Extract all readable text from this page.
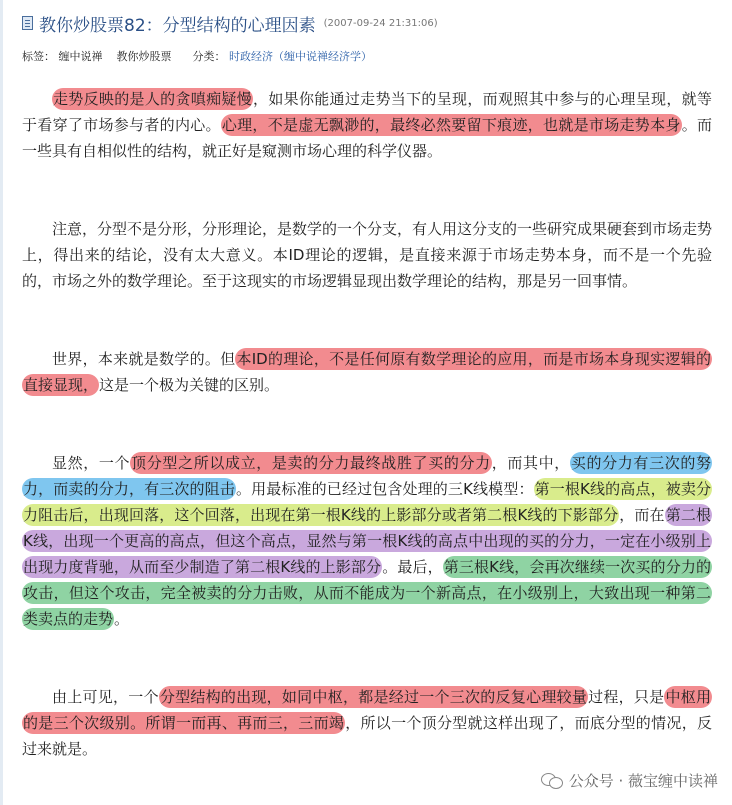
教你炒股票82：分型结构的心理因素 (2007-09-24 21:31:06)
标签： 缠中说禅 教你炒股票 分类： 时政经济（缠中说禅经济学）

走势反映的是人的贪嗔痴疑慢，如果你能通过走势当下的呈现，而观照其中参与的心理呈现，就等于看穿了市场参与者的内心。心理，不是虚无飘渺的，最终必然要留下痕迹，也就是市场走势本身。而一些具有自相似性的结构，就正好是窥测市场心理的科学仪器。

注意，分型不是分形，分形理论，是数学的一个分支，有人用这分支的一些研究成果硬套到市场走势上，得出来的结论，没有太大意义。本ID理论的逻辑，是直接来源于市场走势本身，而不是一个先验的，市场之外的数学理论。至于这现实的市场逻辑显现出数学理论的结构，那是另一回事情。

世界，本来就是数学的。但本ID的理论，不是任何原有数学理论的应用，而是市场本身现实逻辑的直接显现，这是一个极为关键的区别。

显然，一个顶分型之所以成立，是卖的分力最终战胜了买的分力，而其中，买的分力有三次的努力，而卖的分力，有三次的阻击。用最标准的已经过包含处理的三K线模型：第一根K线的高点，被卖分力阻击后，出现回落，这个回落，出现在第一根K线的上影部分或者第二根K线的下影部分，而在第二根K线，出现一个更高的高点，但这个高点，显然与第一根K线的高点中出现的买的分力，一定在小级别上出现力度背驰，从而至少制造了第二根K线的上影部分。最后，第三根K线，会再次继续一次买的分力的攻击，但这个攻击，完全被卖的分力击败，从而不能成为一个新高点，在小级别上，大致出现一种第二类卖点的走势。

由上可见，一个分型结构的出现，如同中枢，都是经过一个三次的反复心理较量过程，只是中枢用的是三个次级别。所谓一而再、再而三，三而竭，所以一个顶分型就这样出现了，而底分型的情况，反过来就是。

公众号 · 薇宝缠中读禅
